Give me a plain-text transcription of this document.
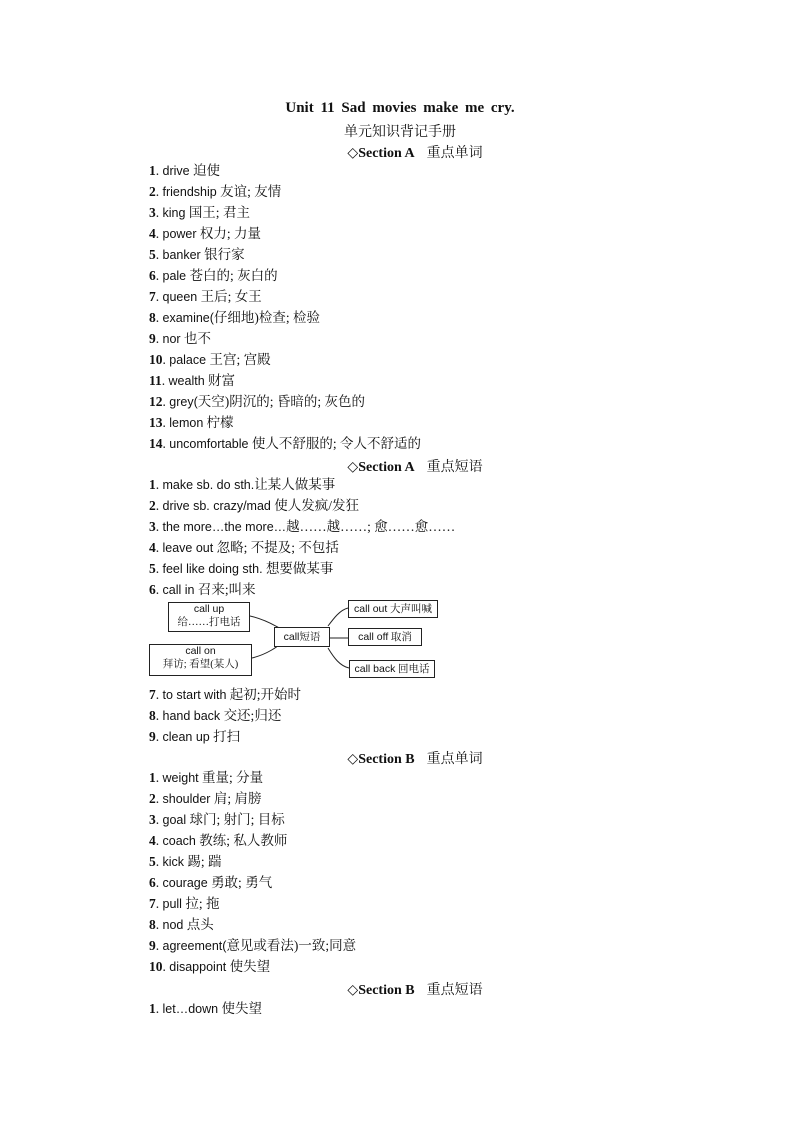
Unit 11 Sad movies make me cry.
单元知识背记手册
◇Section A 重点单词
1. drive 迫使
2. friendship 友谊; 友情
3. king 国王; 君主
4. power 权力; 力量
5. banker 银行家
6. pale 苍白的; 灰白的
7. queen 王后; 女王
8. examine(仔细地)检查; 检验
9. nor 也不
10. palace 王宫; 宫殿
11. wealth 财富
12. grey(天空)阴沉的; 昏暗的; 灰色的
13. lemon 柠檬
14. uncomfortable 使人不舒服的; 令人不舒适的
◇Section A 重点短语
1. make sb. do sth.让某人做某事
2. drive sb. crazy/mad 使人发疯/发狂
3. the more…the more…越……越……; 愈……愈……
4. leave out 忽略; 不提及; 不包括
5. feel like doing sth. 想要做某事
6. call in 召来;叫来
call up
给……打电话
call on
拜访; 看望(某人)
call短语
call out 大声叫喊
call off 取消
call back 回电话
7. to start with 起初;开始时
8. hand back 交还;归还
9. clean up 打扫
◇Section B 重点单词
1. weight 重量; 分量
2. shoulder 肩; 肩膀
3. goal 球门; 射门; 目标
4. coach 教练; 私人教师
5. kick 踢; 踹
6. courage 勇敢; 勇气
7. pull 拉; 拖
8. nod 点头
9. agreement(意见或看法)一致;同意
10. disappoint 使失望
◇Section B 重点短语
1. let…down 使失望
